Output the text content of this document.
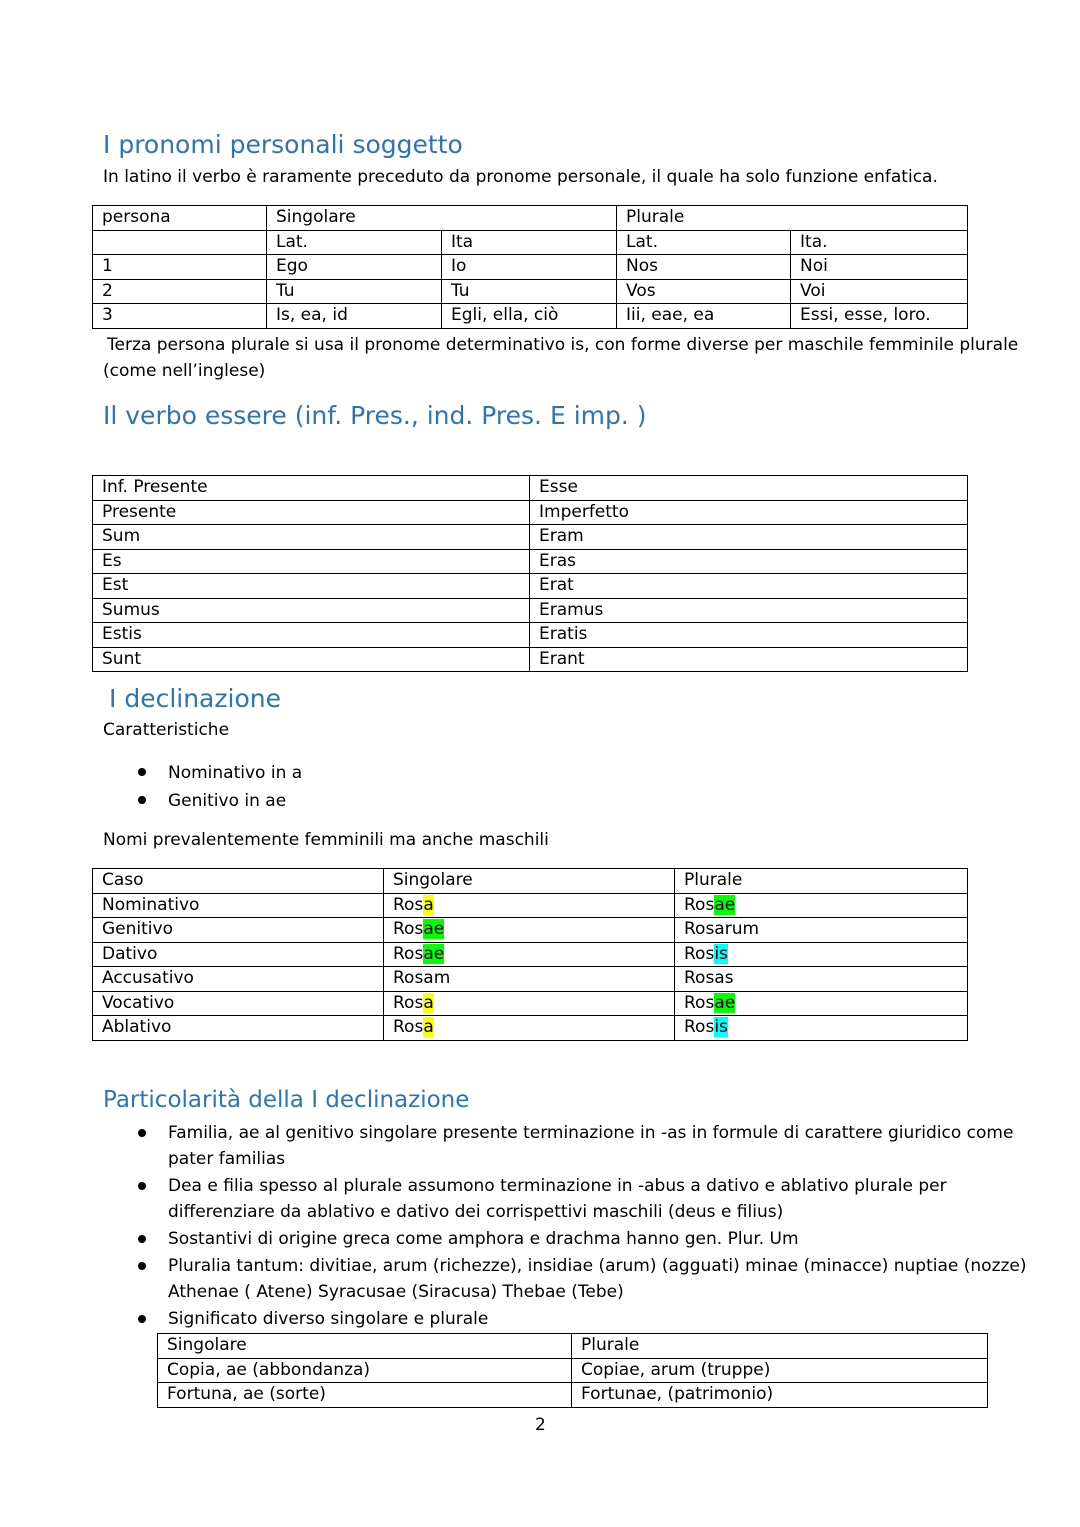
I pronomi personali soggetto
In latino il verbo è raramente preceduto da pronome personale, il quale ha solo funzione enfatica.
persona	Singolare		Plurale	
	Lat.	Ita	Lat.	Ita.
1	Ego	Io	Nos	Noi
2	Tu	Tu	Vos	Voi
3	Is, ea, id	Egli, ella, ciò	Iii, eae, ea	Essi, esse, loro.
Terza persona plurale si usa il pronome determinativo is, con forme diverse per maschile femminile plurale
(come nell’inglese)
Il verbo essere (inf. Pres., ind. Pres. E imp. )
Inf. Presente	Esse
Presente	Imperfetto
Sum	Eram
Es	Eras
Est	Erat
Sumus	Eramus
Estis	Eratis
Sunt	Erant
I declinazione
Caratteristiche
Nominativo in a
Genitivo in ae
Nomi prevalentemente femminili ma anche maschili
Caso	Singolare	Plurale
Nominativo	Rosa	Rosae
Genitivo	Rosae	Rosarum
Dativo	Rosae	Rosis
Accusativo	Rosam	Rosas
Vocativo	Rosa	Rosae
Ablativo	Rosa	Rosis
Particolarità della I declinazione
Familia, ae al genitivo singolare presente terminazione in -as in formule di carattere giuridico come
pater familias
Dea e filia spesso al plurale assumono terminazione in -abus a dativo e ablativo plurale per
differenziare da ablativo e dativo dei corrispettivi maschili (deus e filius)
Sostantivi di origine greca come amphora e drachma hanno gen. Plur. Um
Pluralia tantum: divitiae, arum (richezze), insidiae (arum) (agguati) minae (minacce) nuptiae (nozze)
Athenae ( Atene) Syracusae (Siracusa) Thebae (Tebe)
Significato diverso singolare e plurale
Singolare	Plurale
Copia, ae (abbondanza)	Copiae, arum (truppe)
Fortuna, ae (sorte)	Fortunae, (patrimonio)
2
